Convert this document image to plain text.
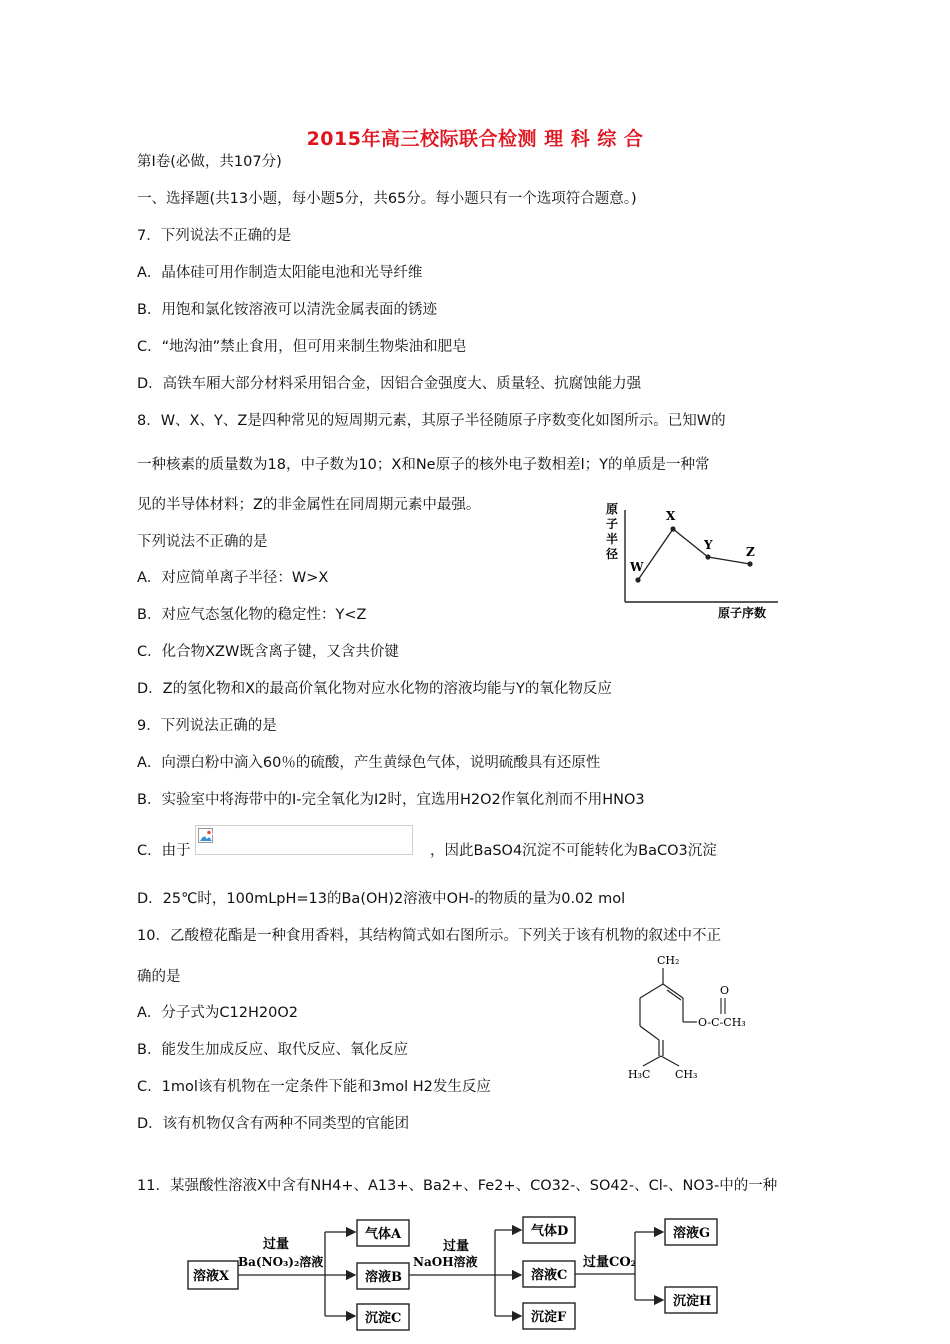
2015年高三校际联合检测 理 科 综 合
第I卷(必做，共107分)
一、选择题(共13小题，每小题5分，共65分。每小题只有一个选项符合题意。)
7．下列说法不正确的是
A．晶体硅可用作制造太阳能电池和光导纤维
B．用饱和氯化铵溶液可以清洗金属表面的锈迹
C．“地沟油”禁止食用，但可用来制生物柴油和肥皂
D．高铁车厢大部分材料采用铝合金，因铝合金强度大、质量轻、抗腐蚀能力强
8．W、X、Y、Z是四种常见的短周期元素，其原子半径随原子序数变化如图所示。已知W的
一种核素的质量数为18，中子数为10；X和Ne原子的核外电子数相差l；Y的单质是一种常
见的半导体材料；Z的非金属性在同周期元素中最强。
下列说法不正确的是
A．对应简单离子半径：W>X
B．对应气态氢化物的稳定性：Y<Z
C．化合物XZW既含离子键，又含共价键
D．Z的氢化物和X的最高价氧化物对应水化物的溶液均能与Y的氧化物反应
9．下列说法正确的是
A．向漂白粉中滴入60％的硫酸，产生黄绿色气体，说明硫酸具有还原性
B．实验室中将海带中的I-完全氧化为I2时，宜选用H2O2作氧化剂而不用HNO3
C．由于	，因此BaSO4沉淀不可能转化为BaCO3沉淀
D．25℃时，100mLpH=13的Ba(OH)2溶液中OH-的物质的量为0.02 mol
10．乙酸橙花酯是一种食用香料，其结构简式如右图所示。下列关于该有机物的叙述中不正
确的是
A．分子式为C12H20O2
B．能发生加成反应、取代反应、氧化反应
C．1mol该有机物在一定条件下能和3mol H2发生反应
D．该有机物仅含有两种不同类型的官能团
11．某强酸性溶液X中含有NH4+、A13+、Ba2+、Fe2+、CO32-、SO42-、Cl-、NO3-中的一种
原
子
半
径
W
X
Y	Z
原子序数
CH₂
O-C-CH₃
O
H₃C CH₃
溶液X
过量
Ba(NO₃)₂溶液
气体A
溶液B
沉淀C
过量
NaOH溶液
气体D
溶液C
沉淀F
过量CO₂
溶液G
沉淀H
